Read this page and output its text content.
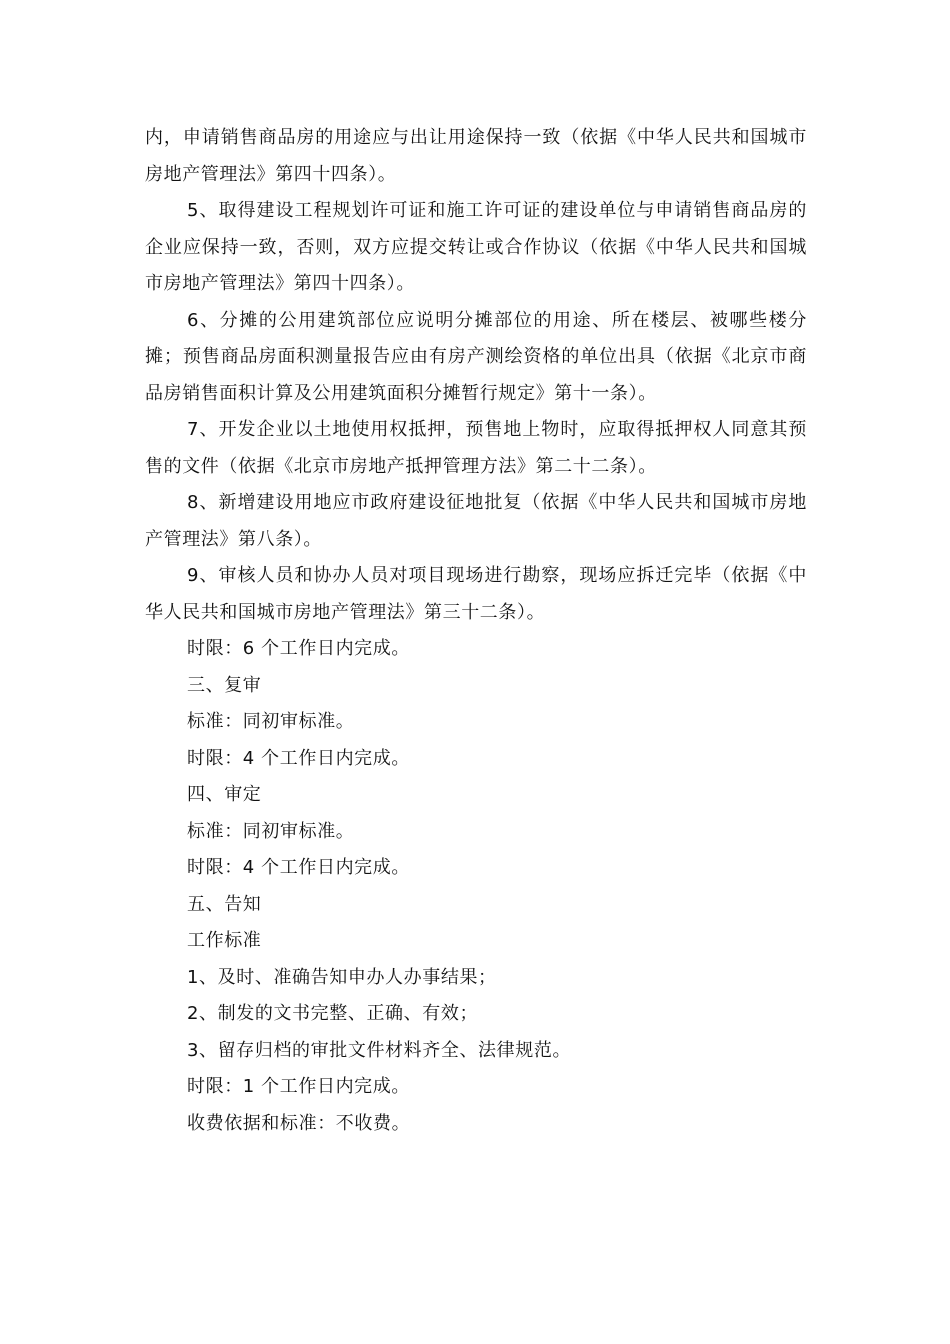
内，申请销售商品房的用途应与出让用途保持一致（依据《中华人民共和国城市房地产管理法》第四十四条）。

5、取得建设工程规划许可证和施工许可证的建设单位与申请销售商品房的企业应保持一致，否则，双方应提交转让或合作协议（依据《中华人民共和国城市房地产管理法》第四十四条）。

6、分摊的公用建筑部位应说明分摊部位的用途、所在楼层、被哪些楼分摊；预售商品房面积测量报告应由有房产测绘资格的单位出具（依据《北京市商品房销售面积计算及公用建筑面积分摊暂行规定》第十一条）。

7、开发企业以土地使用权抵押，预售地上物时，应取得抵押权人同意其预售的文件（依据《北京市房地产抵押管理方法》第二十二条）。

8、新增建设用地应市政府建设征地批复（依据《中华人民共和国城市房地产管理法》第八条）。

9、审核人员和协办人员对项目现场进行勘察，现场应拆迁完毕（依据《中华人民共和国城市房地产管理法》第三十二条）。

时限：6 个工作日内完成。

三、复审

标准：同初审标准。

时限：4 个工作日内完成。

四、审定

标准：同初审标准。

时限：4 个工作日内完成。

五、告知

工作标准

1、及时、准确告知申办人办事结果；

2、制发的文书完整、正确、有效；

3、留存归档的审批文件材料齐全、法律规范。

时限：1 个工作日内完成。

收费依据和标准：不收费。
